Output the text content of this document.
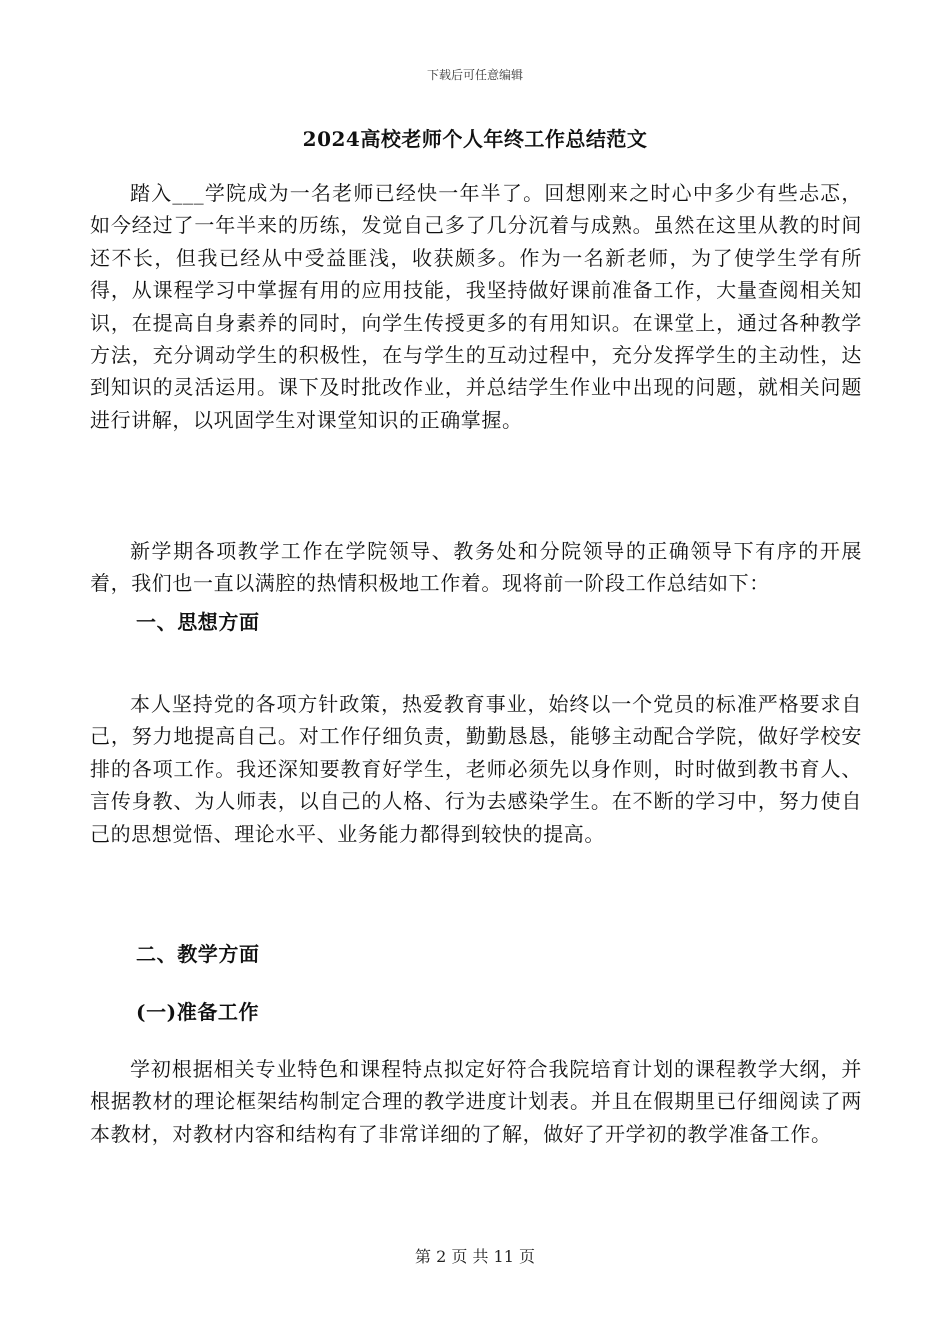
下载后可任意编辑
2024高校老师个人年终工作总结范文

踏入___学院成为一名老师已经快一年半了。回想刚来之时心中多少有些忐忑，如今经过了一年半来的历练，发觉自己多了几分沉着与成熟。虽然在这里从教的时间还不长，但我已经从中受益匪浅，收获颇多。作为一名新老师，为了使学生学有所得，从课程学习中掌握有用的应用技能，我坚持做好课前准备工作，大量查阅相关知识，在提高自身素养的同时，向学生传授更多的有用知识。在课堂上，通过各种教学方法，充分调动学生的积极性，在与学生的互动过程中，充分发挥学生的主动性，达到知识的灵活运用。课下及时批改作业，并总结学生作业中出现的问题，就相关问题进行讲解，以巩固学生对课堂知识的正确掌握。

新学期各项教学工作在学院领导、教务处和分院领导的正确领导下有序的开展着，我们也一直以满腔的热情积极地工作着。现将前一阶段工作总结如下：

一、思想方面

本人坚持党的各项方针政策，热爱教育事业，始终以一个党员的标准严格要求自己，努力地提高自己。对工作仔细负责，勤勤恳恳，能够主动配合学院，做好学校安排的各项工作。我还深知要教育好学生，老师必须先以身作则，时时做到教书育人、言传身教、为人师表，以自己的人格、行为去感染学生。在不断的学习中，努力使自己的思想觉悟、理论水平、业务能力都得到较快的提高。

二、教学方面

(一)准备工作

学初根据相关专业特色和课程特点拟定好符合我院培育计划的课程教学大纲，并根据教材的理论框架结构制定合理的教学进度计划表。并且在假期里已仔细阅读了两本教材，对教材内容和结构有了非常详细的了解，做好了开学初的教学准备工作。

第 2 页 共 11 页
